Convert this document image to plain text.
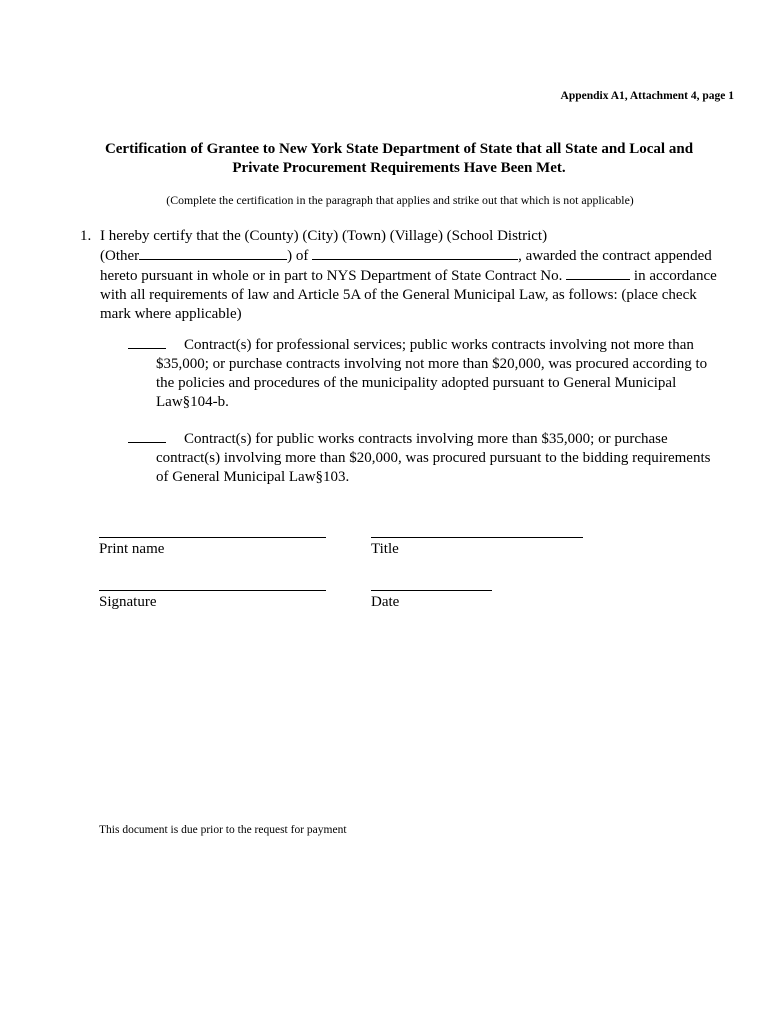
Appendix A1, Attachment 4, page 1
Certification of Grantee to New York State Department of State that all State and Local and
Private Procurement Requirements Have Been Met.
(Complete the certification in the paragraph that applies and strike out that which is not applicable)
1. I hereby certify that the (County) (City) (Town) (Village) (School District)
(Other	) of	, awarded the contract appended
hereto pursuant in whole or in part to NYS Department of State Contract No.	in accordance
with all requirements of law and Article 5A of the General Municipal Law, as follows: (place check
mark where applicable)
Contract(s) for professional services; public works contracts involving not more than
$35,000; or purchase contracts involving not more than $20,000, was procured according to
the policies and procedures of the municipality adopted pursuant to General Municipal
Law§104-b.
Contract(s) for public works contracts involving more than $35,000; or purchase
contract(s) involving more than $20,000, was procured pursuant to the bidding requirements
of General Municipal Law§103.
Print name	Title
Signature	Date
This document is due prior to the request for payment
